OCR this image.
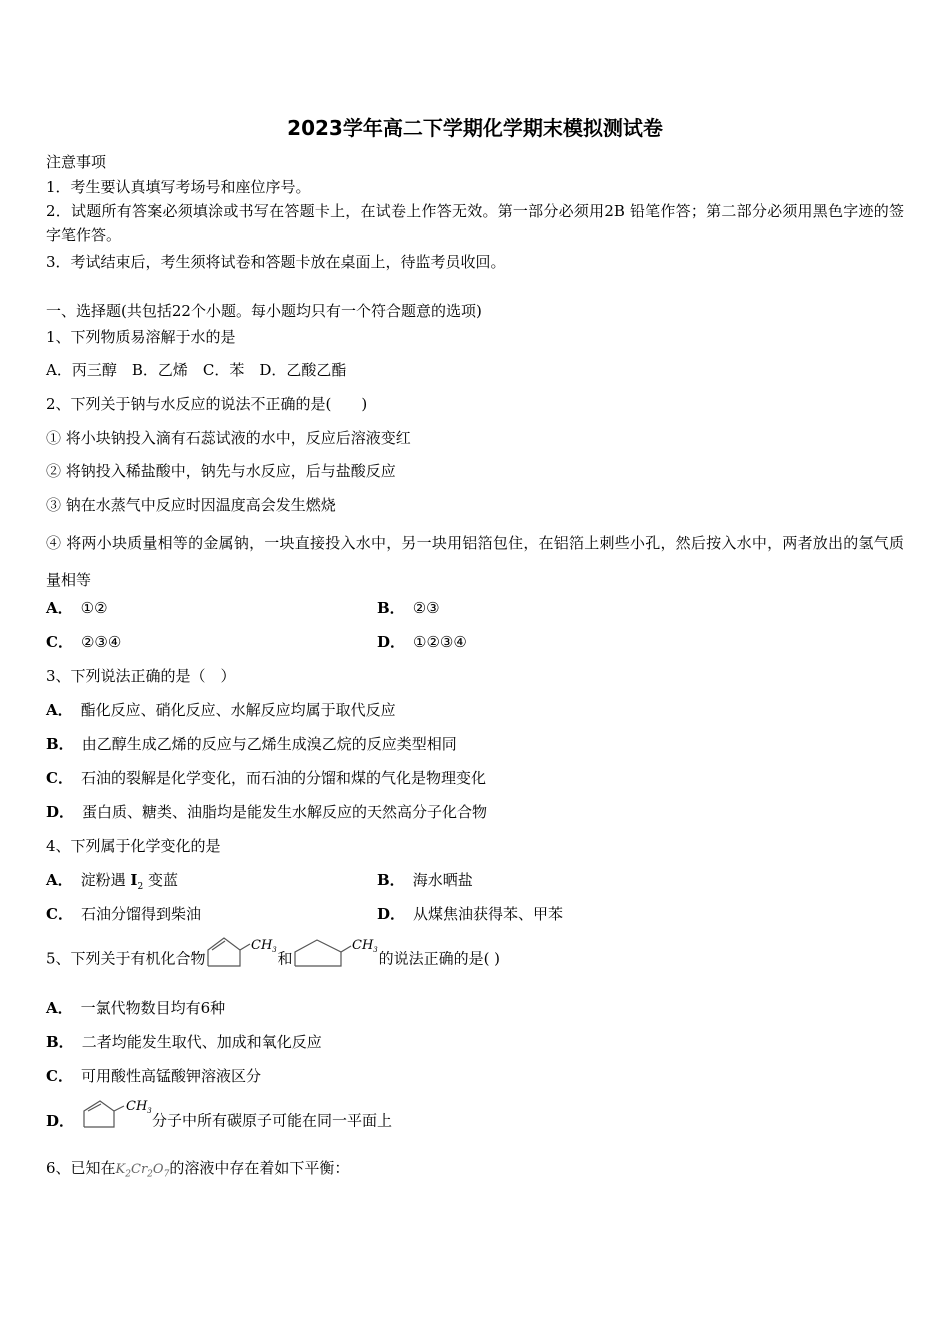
2023学年高二下学期化学期末模拟测试卷
注意事项
1．考生要认真填写考场号和座位序号。
2．试题所有答案必须填涂或书写在答题卡上，在试卷上作答无效。第一部分必须用2B 铅笔作答；第二部分必须用黑色字迹的签字笔作答。
3．考试结束后，考生须将试卷和答题卡放在桌面上，待监考员收回。
一、选择题(共包括22个小题。每小题均只有一个符合题意的选项)
1、下列物质易溶解于水的是
A．丙三醇　B．乙烯　C．苯　D．乙酸乙酯
2、下列关于钠与水反应的说法不正确的是(　　)
① 将小块钠投入滴有石蕊试液的水中，反应后溶液变红
② 将钠投入稀盐酸中，钠先与水反应，后与盐酸反应
③ 钠在水蒸气中反应时因温度高会发生燃烧
④ 将两小块质量相等的金属钠，一块直接投入水中，另一块用铝箔包住，在铝箔上刺些小孔，然后按入水中，两者放出的氢气质量相等
A． ①②	B． ②③
C． ②③④	D． ①②③④
3、下列说法正确的是（　）
A． 酯化反应、硝化反应、水解反应均属于取代反应
B． 由乙醇生成乙烯的反应与乙烯生成溴乙烷的反应类型相同
C． 石油的裂解是化学变化，而石油的分馏和煤的气化是物理变化
D． 蛋白质、糖类、油脂均是能发生水解反应的天然高分子化合物
4、下列属于化学变化的是
A． 淀粉遇 $I_2$ 变蓝	B． 海水晒盐
C． 石油分馏得到柴油	D． 从煤焦油获得苯、甲苯
5、下列关于有机化合物
$CH_3$ 和
$CH_3$ 的说法正确的是( )
A． 一氯代物数目均有6种
B． 二者均能发生取代、加成和氧化反应
C． 可用酸性高锰酸钾溶液区分
D．
$CH_3$
分子中所有碳原子可能在同一平面上
6、已知在$K_2Cr_2O_7$的溶液中存在着如下平衡：
